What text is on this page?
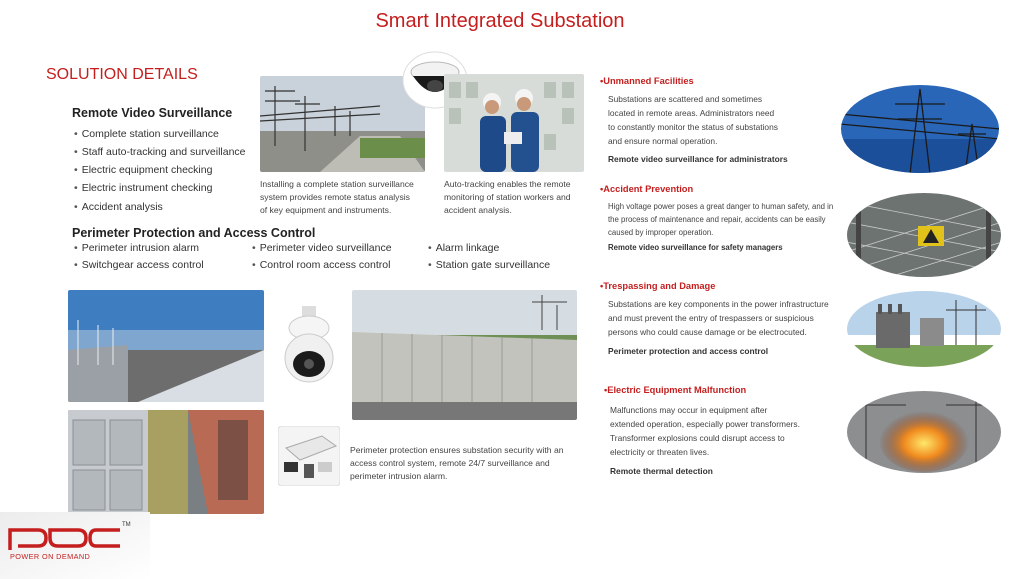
Smart Integrated Substation
SOLUTION DETAILS
Remote Video Surveillance
• Complete station surveillance
• Staff auto-tracking and surveillance
• Electric equipment checking
• Electric instrument checking
• Accident analysis
Perimeter Protection and Access Control
• Perimeter intrusion alarm	• Perimeter video surveillance	• Alarm linkage
• Switchgear access control	• Control room access control	• Station gate surveillance
Installing a complete station surveillance
system provides remote status analysis
of key equipment and instruments.
Auto-tracking enables the remote
monitoring of station workers and
accident analysis.
Perimeter protection ensures substation security with an
access control system, remote 24/7 surveillance and
perimeter intrusion alarm.
•Unmanned Facilities
Substations are scattered and sometimes
located in remote areas. Administrators need
to constantly monitor the status of substations
and ensure normal operation.
Remote video surveillance for administrators
•Accident Prevention
High voltage power poses a great danger to human safety, and in
the process of maintenance and repair, accidents can be easily
caused by improper operation.
Remote video surveillance for safety managers
•Trespassing and Damage
Substations are key components in the power infrastructure
and must prevent the entry of trespassers or suspicious
persons who could cause damage or be electrocuted.
Perimeter protection and access control
•Electric Equipment Malfunction
Malfunctions may occur in equipment after
extended operation, especially power transformers.
Transformer explosions could disrupt access to
electricity or threaten lives.
Remote thermal detection
TM
POWER ON DEMAND
